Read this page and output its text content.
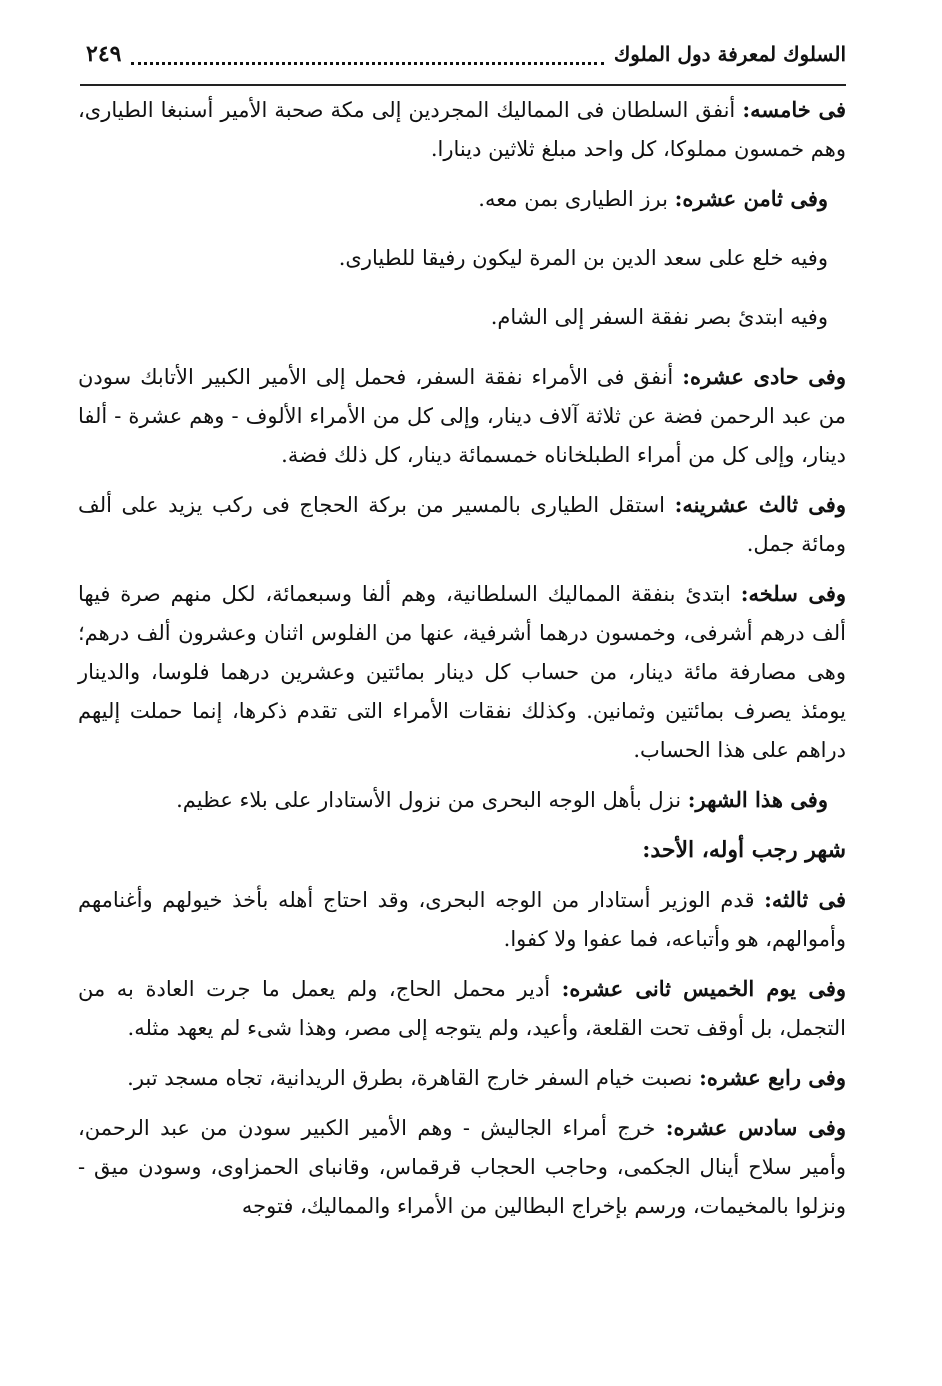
السلوك لمعرفة دول الملوك
٢٤٩

فى خامسه: أنفق السلطان فى المماليك المجردين إلى مكة صحبة الأمير أسنبغا الطيارى، وهم خمسون مملوكا، كل واحد مبلغ ثلاثين دينارا.

وفى ثامن عشره: برز الطيارى بمن معه.

وفيه خلع على سعد الدين بن المرة ليكون رفيقا للطيارى.

وفيه ابتدئ بصر نفقة السفر إلى الشام.

وفى حادى عشره: أنفق فى الأمراء نفقة السفر، فحمل إلى الأمير الكبير الأتابك سودن من عبد الرحمن فضة عن ثلاثة آلاف دينار، وإلى كل من الأمراء الألوف - وهم عشرة - ألفا دينار، وإلى كل من أمراء الطبلخاناه خمسمائة دينار، كل ذلك فضة.

وفى ثالث عشرينه: استقل الطيارى بالمسير من بركة الحجاج فى ركب يزيد على ألف ومائة جمل.

وفى سلخه: ابتدئ بنفقة المماليك السلطانية، وهم ألفا وسبعمائة، لكل منهم صرة فيها ألف درهم أشرفى، وخمسون درهما أشرفية، عنها من الفلوس اثنان وعشرون ألف درهم؛ وهى مصارفة مائة دينار، من حساب كل دينار بمائتين وعشرين درهما فلوسا، والدينار يومئذ يصرف بمائتين وثمانين. وكذلك نفقات الأمراء التى تقدم ذكرها، إنما حملت إليهم دراهم على هذا الحساب.

وفى هذا الشهر: نزل بأهل الوجه البحرى من نزول الأستادار على بلاء عظيم.

شهر رجب أوله، الأحد:

فى ثالثه: قدم الوزير أستادار من الوجه البحرى، وقد احتاج أهله بأخذ خيولهم وأغنامهم وأموالهم، هو وأتباعه، فما عفوا ولا كفوا.

وفى يوم الخميس ثانى عشره: أدير محمل الحاج، ولم يعمل ما جرت العادة به من التجمل، بل أوقف تحت القلعة، وأعيد، ولم يتوجه إلى مصر، وهذا شىء لم يعهد مثله.

وفى رابع عشره: نصبت خيام السفر خارج القاهرة، بطرق الريدانية، تجاه مسجد تبر.

وفى سادس عشره: خرج أمراء الجاليش - وهم الأمير الكبير سودن من عبد الرحمن، وأمير سلاح أينال الجكمى، وحاجب الحجاب قرقماس، وقانباى الحمزاوى، وسودن ميق - ونزلوا بالمخيمات، ورسم بإخراج البطالين من الأمراء والمماليك، فتوجه
